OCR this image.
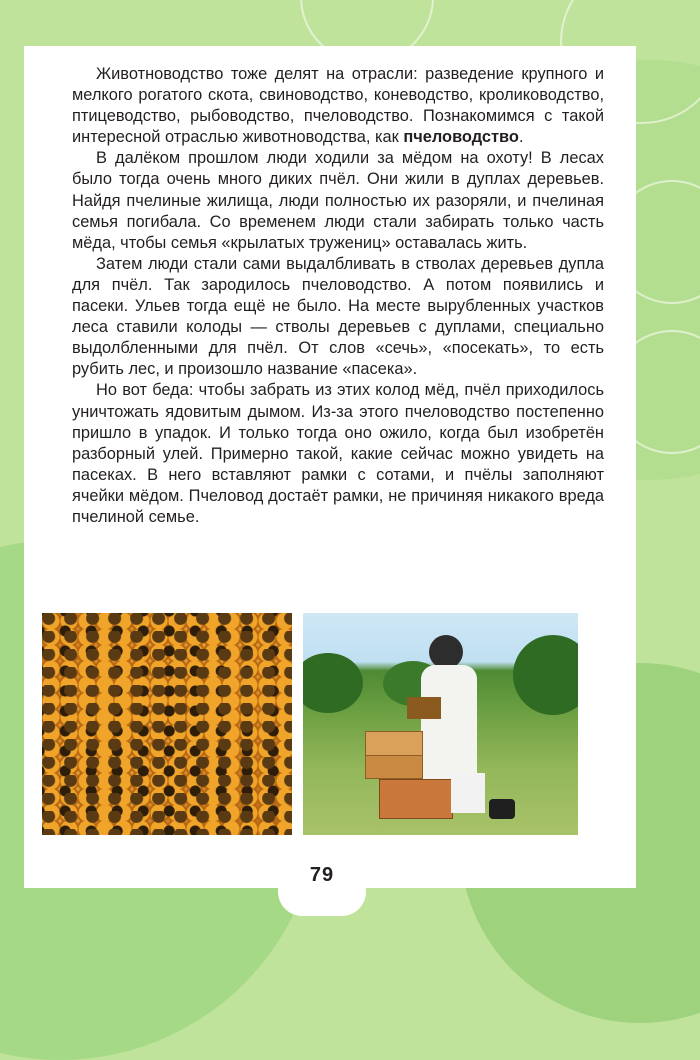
Животноводство тоже делят на отрасли: разведение крупного и мелкого рогатого скота, свиноводство, коневодство, кролиководство, птицеводство, рыбоводство, пчеловодство. Познакомимся с такой интересной отраслью животноводства, как пчеловодство.

В далёком прошлом люди ходили за мёдом на охоту! В лесах было тогда очень много диких пчёл. Они жили в дуплах деревьев. Найдя пчелиные жилища, люди полностью их разоряли, и пчелиная семья погибала. Со временем люди стали забирать только часть мёда, чтобы семья «крылатых тружениц» оставалась жить.

Затем люди стали сами выдалбливать в стволах деревьев дупла для пчёл. Так зародилось пчеловодство. А потом появились и пасеки. Ульев тогда ещё не было. На месте вырубленных участков леса ставили колоды — стволы деревьев с дуплами, специально выдолбленными для пчёл. От слов «сечь», «посекать», то есть рубить лес, и произошло название «пасека».

Но вот беда: чтобы забрать из этих колод мёд, пчёл приходилось уничтожать ядовитым дымом. Из-за этого пчеловодство постепенно пришло в упадок. И только тогда оно ожило, когда был изобретён разборный улей. Примерно такой, какие сейчас можно увидеть на пасеках. В него вставляют рамки с сотами, и пчёлы заполняют ячейки мёдом. Пчеловод достаёт рамки, не причиняя никакого вреда пчелиной семье.

79
